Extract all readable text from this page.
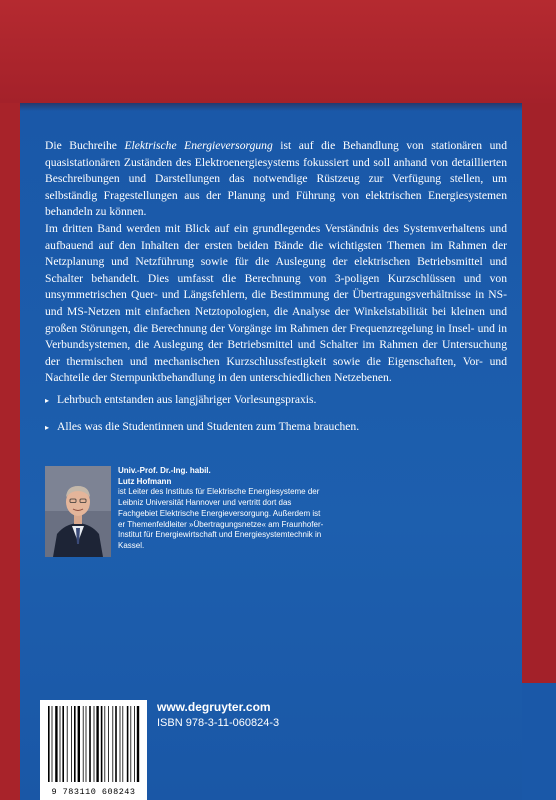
Die Buchreihe Elektrische Energieversorgung ist auf die Behandlung von stationären und quasistationären Zuständen des Elektroenergiesystems fokussiert und soll anhand von detaillierten Beschreibungen und Darstellungen das notwendige Rüstzeug zur Verfügung stellen, um selbständig Fragestellungen aus der Planung und Führung von elektrischen Energiesystemen behandeln zu können.

Im dritten Band werden mit Blick auf ein grundlegendes Verständnis des Systemverhaltens und aufbauend auf den Inhalten der ersten beiden Bände die wichtigsten Themen im Rahmen der Netzplanung und Netzführung sowie für die Auslegung der elektrischen Betriebsmittel und Schalter behandelt. Dies umfasst die Berechnung von 3-poligen Kurzschlüssen und von unsymmetrischen Quer- und Längsfehlern, die Bestimmung der Übertragungsverhältnisse in NS- und MS-Netzen mit einfachen Netztopologien, die Analyse der Winkelstabilität bei kleinen und großen Störungen, die Berechnung der Vorgänge im Rahmen der Frequenzregelung in Insel- und in Verbundsystemen, die Auslegung der Betriebsmittel und Schalter im Rahmen der Untersuchung der thermischen und mechanischen Kurzschlussfestigkeit sowie die Eigenschaften, Vor- und Nachteile der Sternpunktbehandlung in den unterschiedlichen Netzebenen.

▸ Lehrbuch entstanden aus langjähriger Vorlesungspraxis.
▸ Alles was die Studentinnen und Studenten zum Thema brauchen.
Univ.-Prof. Dr.-Ing. habil.
Lutz Hofmann
ist Leiter des Instituts für Elektrische Energiesysteme der Leibniz Universität Hannover und vertritt dort das Fachgebiet Elektrische Energieversorgung. Außerdem ist er Themenfeldleiter »Übertragungsnetze« am Fraunhofer-Institut für Energiewirtschaft und Energiesystemtechnik in Kassel.
9 783110 608243
www.degruyter.com
ISBN 978-3-11-060824-3
